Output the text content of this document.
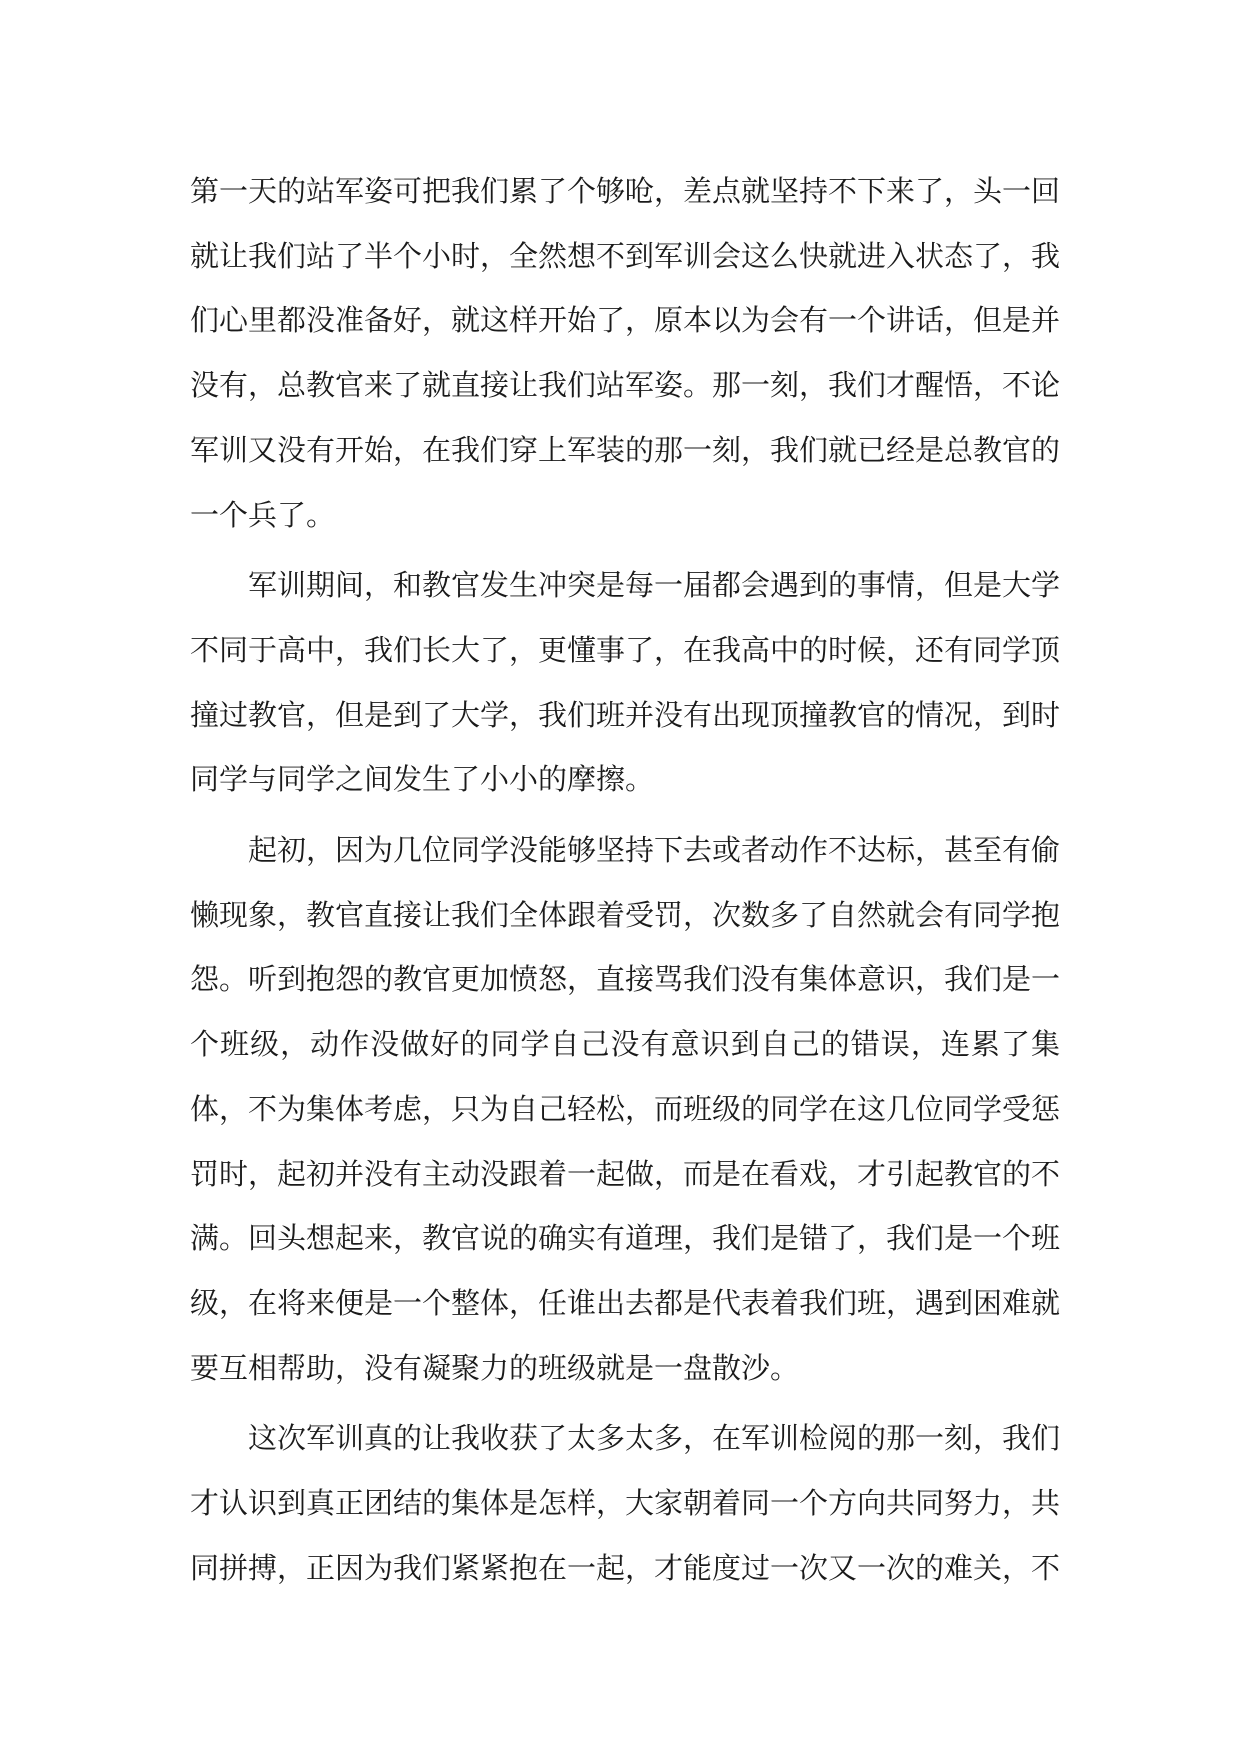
第一天的站军姿可把我们累了个够呛，差点就坚持不下来了，头一回就让我们站了半个小时，全然想不到军训会这么快就进入状态了，我们心里都没准备好，就这样开始了，原本以为会有一个讲话，但是并没有，总教官来了就直接让我们站军姿。那一刻，我们才醒悟，不论军训又没有开始，在我们穿上军装的那一刻，我们就已经是总教官的一个兵了。

军训期间，和教官发生冲突是每一届都会遇到的事情，但是大学不同于高中，我们长大了，更懂事了，在我高中的时候，还有同学顶撞过教官，但是到了大学，我们班并没有出现顶撞教官的情况，到时同学与同学之间发生了小小的摩擦。

起初，因为几位同学没能够坚持下去或者动作不达标，甚至有偷懒现象，教官直接让我们全体跟着受罚，次数多了自然就会有同学抱怨。听到抱怨的教官更加愤怒，直接骂我们没有集体意识，我们是一个班级，动作没做好的同学自己没有意识到自己的错误，连累了集体，不为集体考虑，只为自己轻松，而班级的同学在这几位同学受惩罚时，起初并没有主动没跟着一起做，而是在看戏，才引起教官的不满。回头想起来，教官说的确实有道理，我们是错了，我们是一个班级，在将来便是一个整体，任谁出去都是代表着我们班，遇到困难就要互相帮助，没有凝聚力的班级就是一盘散沙。

这次军训真的让我收获了太多太多，在军训检阅的那一刻，我们才认识到真正团结的集体是怎样，大家朝着同一个方向共同努力，共同拼搏，正因为我们紧紧抱在一起，才能度过一次又一次的难关，不
